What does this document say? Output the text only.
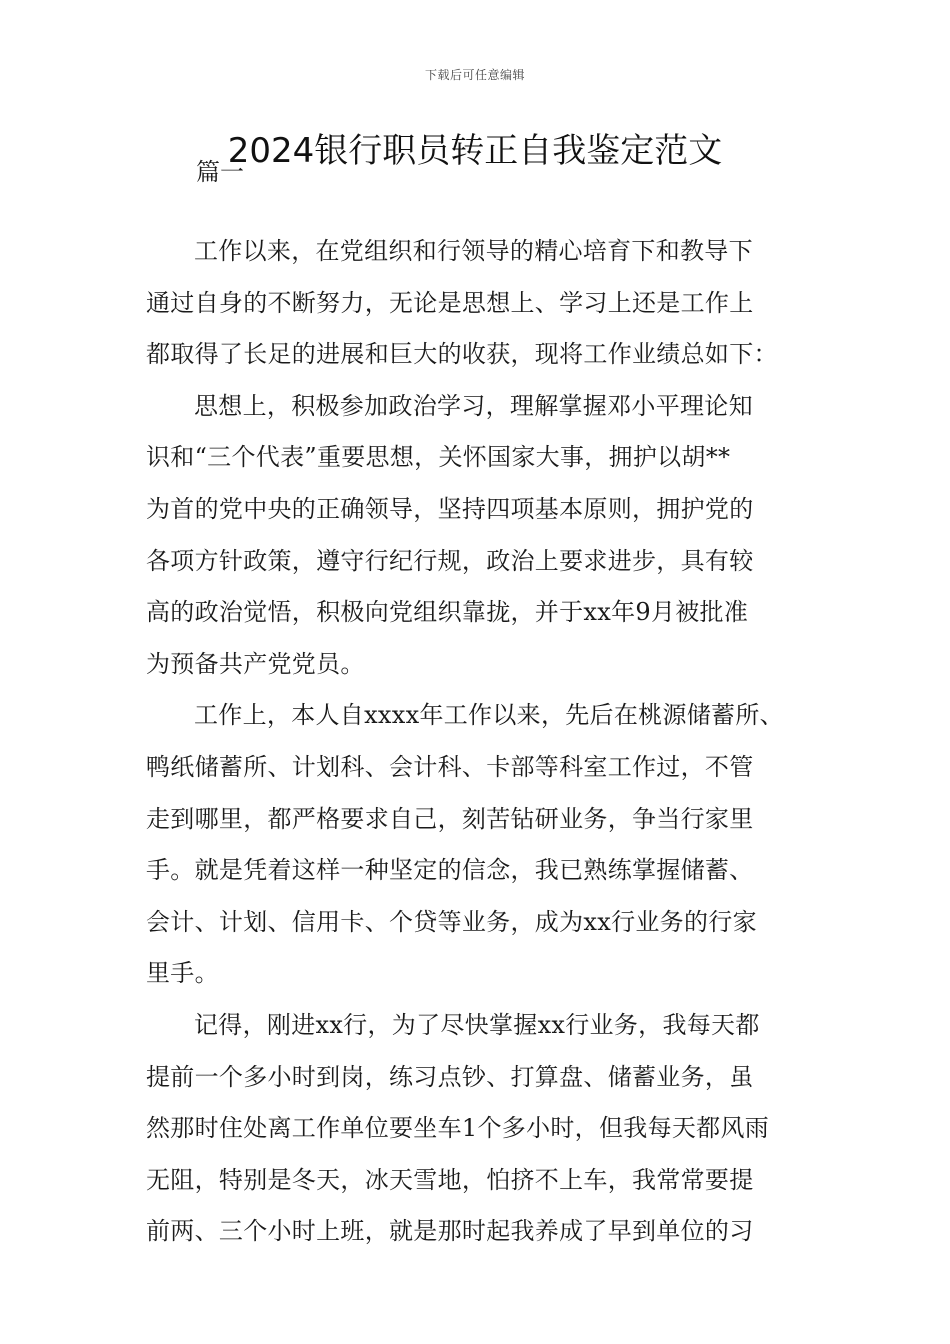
下载后可任意编辑
2024银行职员转正自我鉴定范文
篇一

工作以来，在党组织和行领导的精心培育下和教导下
通过自身的不断努力，无论是思想上、学习上还是工作上
都取得了长足的进展和巨大的收获，现将工作业绩总如下：

思想上，积极参加政治学习，理解掌握邓小平理论知
识和“三个代表”重要思想，关怀国家大事，拥护以胡**
为首的党中央的正确领导，坚持四项基本原则，拥护党的
各项方针政策，遵守行纪行规，政治上要求进步，具有较
高的政治觉悟，积极向党组织靠拢，并于xx年9月被批准
为预备共产党党员。

工作上，本人自xxxx年工作以来，先后在桃源储蓄所、
鸭纸储蓄所、计划科、会计科、卡部等科室工作过，不管
走到哪里，都严格要求自己，刻苦钻研业务，争当行家里
手。就是凭着这样一种坚定的信念，我已熟练掌握储蓄、
会计、计划、信用卡、个贷等业务，成为xx行业务的行家
里手。

记得，刚进xx行，为了尽快掌握xx行业务，我每天都
提前一个多小时到岗，练习点钞、打算盘、储蓄业务，虽
然那时住处离工作单位要坐车1个多小时，但我每天都风雨
无阻，特别是冬天，冰天雪地，怕挤不上车，我常常要提
前两、三个小时上班，就是那时起我养成了早到单位的习
